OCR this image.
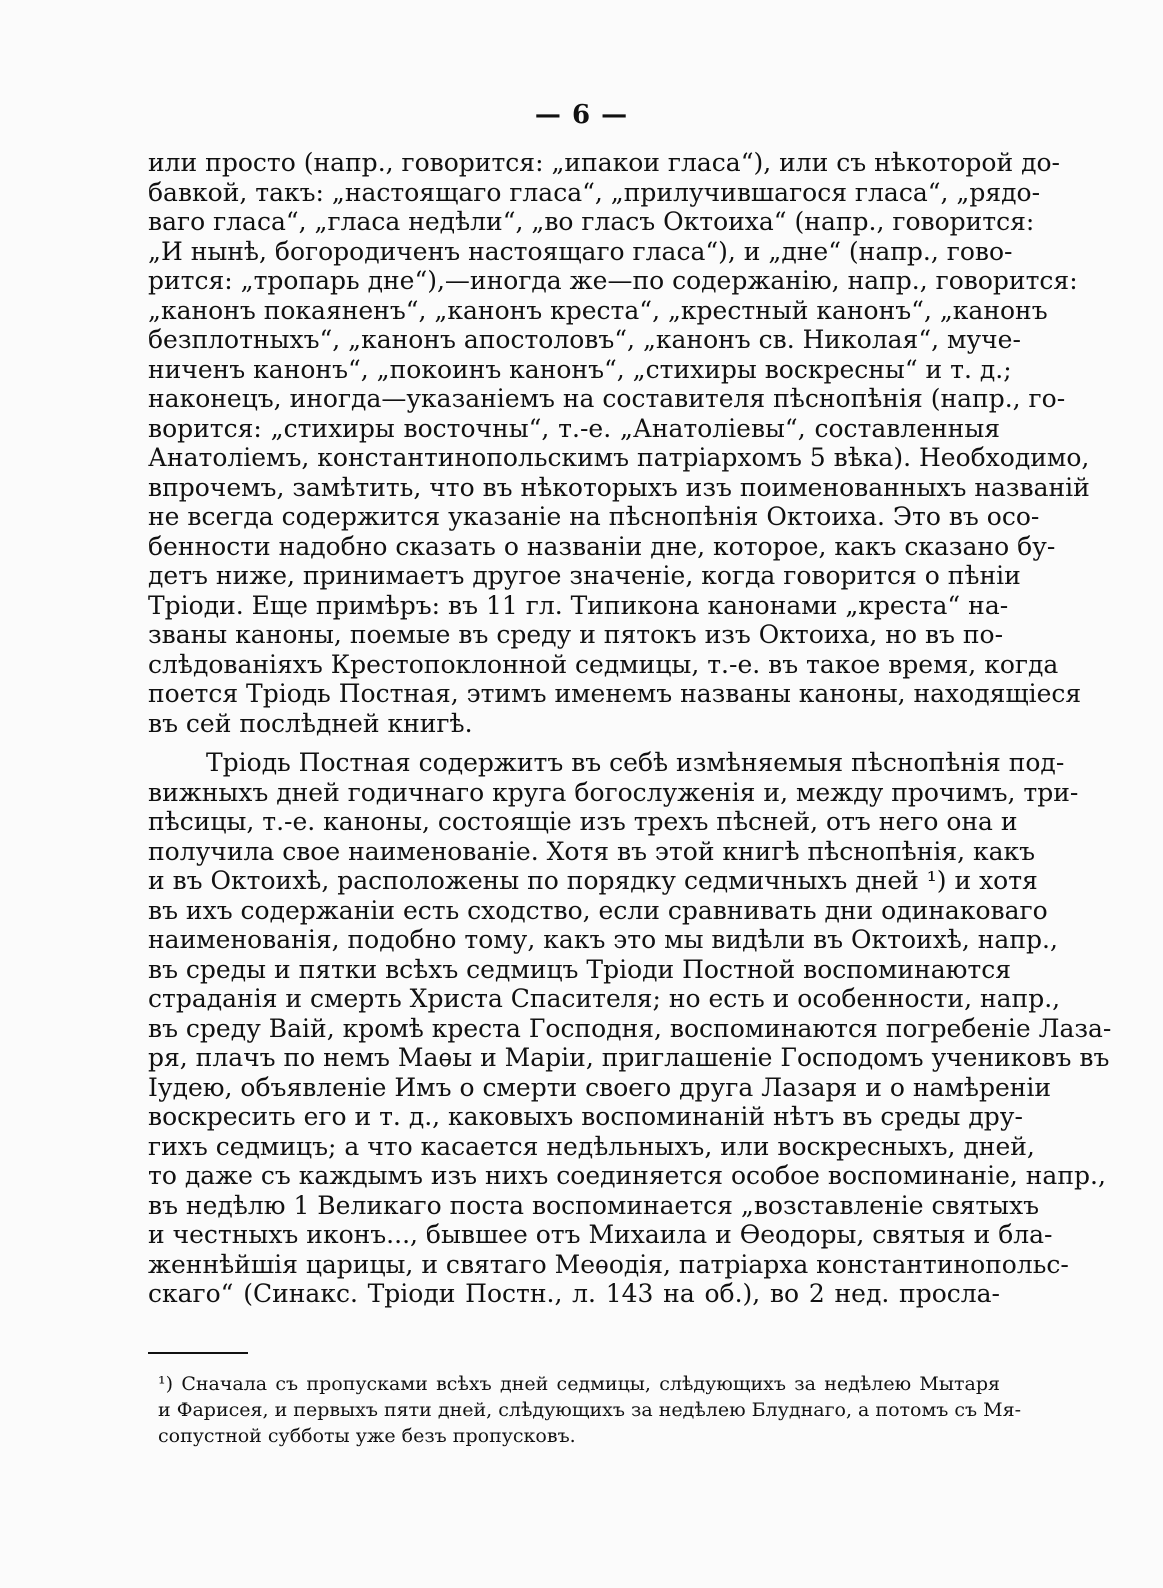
— 6 —
или просто (напр., говорится: „ипакои гласа“), или съ нѣкоторой до-
бавкой, такъ: „настоящаго гласа“, „прилучившагося гласа“, „рядо-
ваго гласа“, „гласа недѣли“, „во гласъ Октоиха“ (напр., говорится:
„И нынѣ, богородиченъ настоящаго гласа“), и „днe“ (напр., гово-
рится: „тропарь днe“),—иногда же—по содержанію, напр., говорится:
„канонъ покаяненъ“, „канонъ креста“, „крестный канонъ“, „канонъ
безплотныхъ“, „канонъ апостоловъ“, „канонъ св. Николая“, муче-
ниченъ канонъ“, „покоинъ канонъ“, „стихиры воскресны“ и т. д.;
наконецъ, иногда—указаніемъ на составителя пѣснопѣнія (напр., го-
ворится: „стихиры восточны“, т.-е. „Анатоліевы“, составленныя
Анатоліемъ, константинопольскимъ патріархомъ 5 вѣка). Необходимо,
впрочемъ, замѣтить, что въ нѣкоторыхъ изъ поименованныхъ названій
не всегда содержится указаніе на пѣснопѣнія Октоиха. Это въ осо-
бенности надобно сказать о названіи днe, которое, какъ сказано бу-
детъ ниже, принимаетъ другое значеніе, когда говорится о пѣніи
Тріоди. Еще примѣръ: въ 11 гл. Типикона канонами „креста“ на-
званы каноны, поемые въ среду и пятокъ изъ Октоиха, но въ по-
слѣдованіяхъ Крестопоклонной седмицы, т.-е. въ такое время, когда
поется Тріодь Постная, этимъ именемъ названы каноны, находящіеся
въ сей послѣдней книгѣ.
Тріодь Постная содержитъ въ себѣ измѣняемыя пѣснопѣнія под-
вижныхъ дней годичнаго круга богослуженія и, между прочимъ, три-
пѣсицы, т.-е. каноны, состоящіе изъ трехъ пѣсней, отъ него она и
получила свое наименованіе. Хотя въ этой книгѣ пѣснопѣнія, какъ
и въ Октоихѣ, расположены по порядку седмичныхъ дней ¹) и хотя
въ ихъ содержаніи есть сходство, если сравнивать дни одинаковаго
наименованія, подобно тому, какъ это мы видѣли въ Октоихѣ, напр.,
въ среды и пятки всѣхъ седмицъ Тріоди Постной воспоминаются
страданія и смерть Христа Спасителя; но есть и особенности, напр.,
въ среду Вaій, кромѣ креста Господня, воспоминаются погребеніе Лаза-
ря, плачъ по немъ Маѳы и Маріи, приглашеніе Господомъ учениковъ въ
Іудею, объявленіе Имъ о смерти своего друга Лазаря и о намѣреніи
воскресить его и т. д., каковыхъ воспоминаній нѣтъ въ среды дру-
гихъ седмицъ; а что касается недѣльныхъ, или воскресныхъ, дней,
то даже съ каждымъ изъ нихъ соединяется особое воспоминаніе, напр.,
въ недѣлю 1 Великаго поста воспоминается „возставленіе святыхъ
и честныхъ иконъ..., бывшее отъ Михаила и Ѳеодоры, святыя и бла-
женнѣйшія царицы, и святаго Меѳодія, патріарха константинопольс-
скаго“ (Синакс. Тріоди Постн., л. 143 на об.), во 2 нед. просла-
¹) Сначала съ пропусками всѣхъ дней седмицы, слѣдующихъ за недѣлею Мытаря
и Фарисея, и первыхъ пяти дней, слѣдующихъ за недѣлею Блуднаго, а потомъ съ Мя-
сопустной субботы уже безъ пропусковъ.
